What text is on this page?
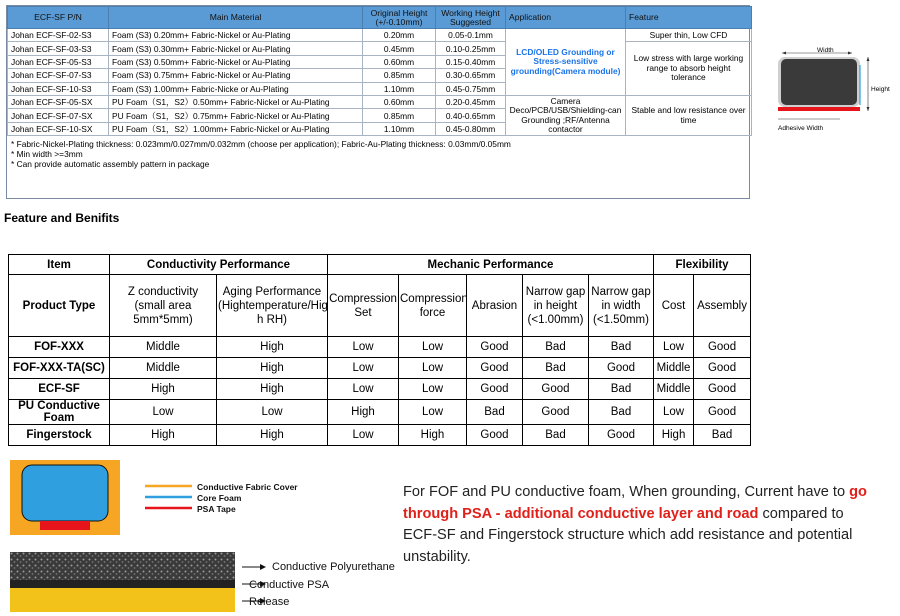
ECF-SF P/N	Main Material	Original Height
(+/-0.10mm)	Working Height
Suggested	Application	Feature
Johan ECF-SF-02-S3	Foam (S3) 0.20mm+ Fabric-Nickel or Au-Plating	0.20mm	0.05-0.1mm	LCD/OLED Grounding or Stress-sensitive grounding(Camera module)	Super thin, Low CFD
Johan ECF-SF-03-S3	Foam (S3) 0.30mm+ Fabric-Nickel or Au-Plating	0.45mm	0.10-0.25mm		Low stress with large working range to absorb height tolerance
Johan ECF-SF-05-S3	Foam (S3) 0.50mm+ Fabric-Nickel or Au-Plating	0.60mm	0.15-0.40mm		
Johan ECF-SF-07-S3	Foam (S3) 0.75mm+ Fabric-Nickel or Au-Plating	0.85mm	0.30-0.65mm		
Johan ECF-SF-10-S3	Foam (S3) 1.00mm+ Fabric-Nicke or Au-Plating	1.10mm	0.45-0.75mm		
Johan ECF-SF-05-SX	PU Foam（S1，S2）0.50mm+ Fabric-Nickel or Au-Plating	0.60mm	0.20-0.45mm	Camera Deco/PCB/USB/Shielding-can Grounding ;RF/Antenna contactor	Stable and low resistance over time
Johan ECF-SF-07-SX	PU Foam（S1，S2）0.75mm+ Fabric-Nickel or Au-Plating	0.85mm	0.40-0.65mm		
Johan ECF-SF-10-SX	PU Foam（S1，S2）1.00mm+ Fabric-Nickel or Au-Plating	1.10mm	0.45-0.80mm		
* Fabric-Nickel-Plating thickness: 0.023mm/0.027mm/0.032mm (choose per application); Fabric-Au-Plating thickness: 0.03mm/0.05mm
* Min width >=3mm
* Can provide automatic assembly pattern in package
Width
Height
Adhesive Width
Feature and Benifits
Item	Conductivity Performance		Mechanic Performance					Flexibility	
Product Type	Z conductivity
(small area
5mm*5mm)	Aging Performance
(Hightemperature/Hig
h RH)	Compression
Set	Compression
force	Abrasion	Narrow gap
in height
(<1.00mm)	Narrow gap
in width
(<1.50mm)	Cost	Assembly
FOF-XXX	Middle	High	Low	Low	Good	Bad	Bad	Low	Good
FOF-XXX-TA(SC)	Middle	High	Low	Low	Good	Bad	Good	Middle	Good
ECF-SF	High	High	Low	Low	Good	Good	Bad	Middle	Good
PU Conductive Foam	Low	Low	High	Low	Bad	Good	Bad	Low	Good
Fingerstock	High	High	Low	High	Good	Bad	Good	High	Bad
Conductive Fabric Cover
Core Foam
PSA Tape
Conductive Polyurethane
Conductive PSA
Release
For FOF and PU conductive foam, When grounding, Current have to go through PSA - additional conductive layer and road compared to ECF-SF and Fingerstock structure which add resistance and potential unstability.
